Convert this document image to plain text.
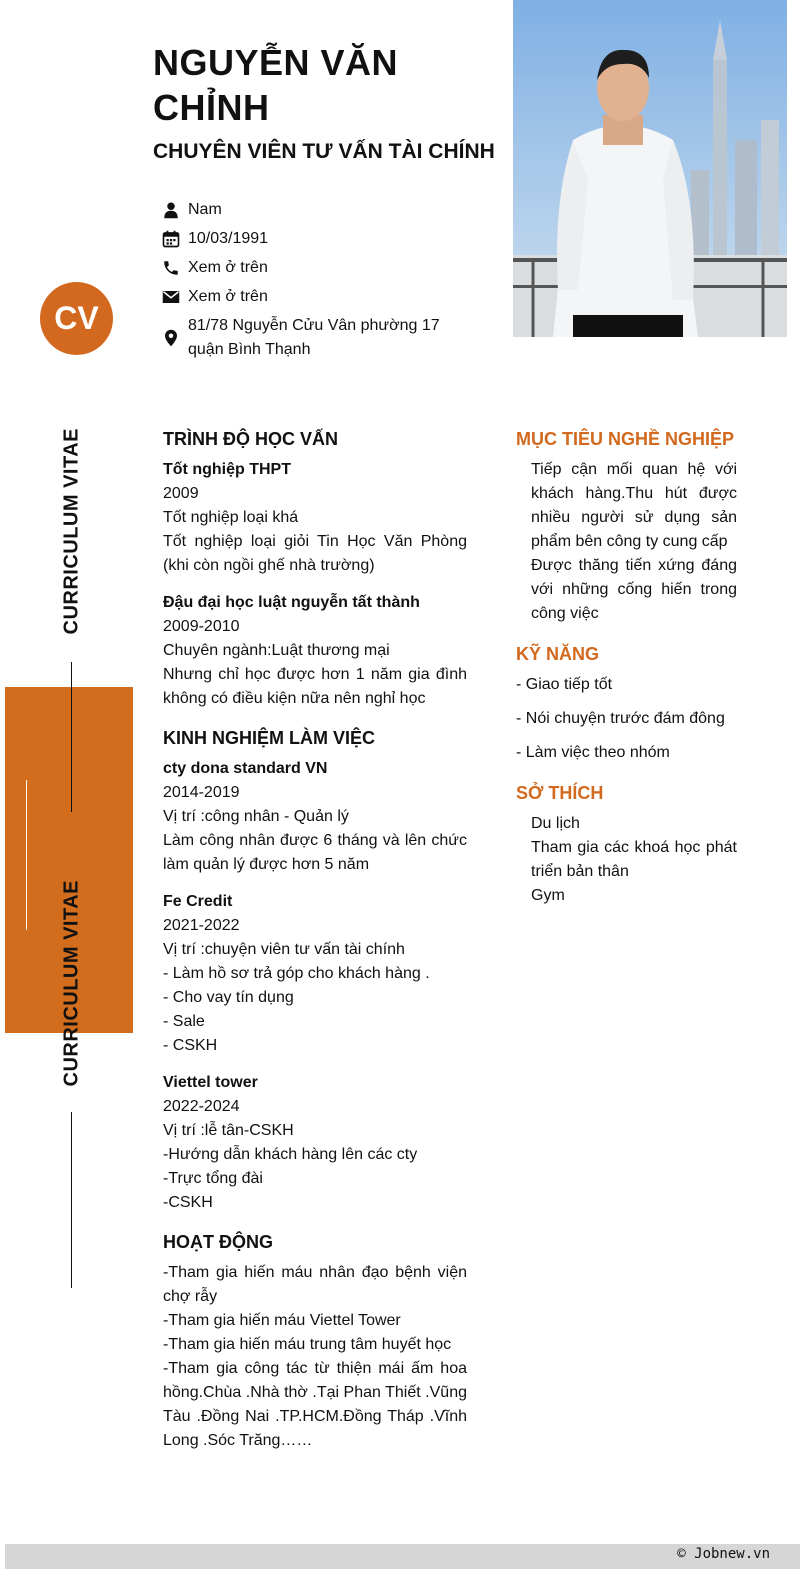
NGUYỄN VĂN CHỈNH
CHUYÊN VIÊN TƯ VẤN TÀI CHÍNH
Nam
10/03/1991
Xem ở trên
Xem ở trên
81/78 Nguyễn Cửu Vân phường 17 quận Bình Thạnh
CV
CURRICULUM VITAE
CURRICULUM VITAE
TRÌNH ĐỘ HỌC VẤN
Tốt nghiệp THPT
2009
Tốt nghiệp loại khá
Tốt nghiệp loại giỏi Tin Học Văn Phòng (khi còn ngồi ghế nhà trường)
Đậu đại học luật nguyễn tất thành
2009-2010
Chuyên ngành:Luật thương mại
Nhưng chỉ học được hơn 1 năm gia đình không có điều kiện nữa nên nghỉ học
KINH NGHIỆM LÀM VIỆC
cty dona standard VN
2014-2019
Vị trí :công nhân - Quản lý
Làm công nhân được 6 tháng và lên chức làm quản lý được hơn 5 năm
Fe Credit
2021-2022
Vị trí :chuyện viên tư vấn tài chính
- Làm hồ sơ trả góp cho khách hàng .
- Cho vay tín dụng
- Sale
- CSKH
Viettel tower
2022-2024
Vị trí :lễ tân-CSKH
-Hướng dẫn khách hàng lên các cty
-Trực tổng đài
-CSKH
HOẠT ĐỘNG
-Tham gia hiến máu nhân đạo bệnh viện chợ rẫy
-Tham gia hiến máu Viettel Tower
-Tham gia hiến máu trung tâm huyết học
-Tham gia công tác từ thiện mái ấm hoa hồng.Chùa .Nhà thờ .Tại Phan Thiết .Vũng Tàu .Đồng Nai .TP.HCM.Đồng Tháp .Vĩnh Long .Sóc Trăng……
MỤC TIÊU NGHỀ NGHIỆP
Tiếp cận mối quan hệ với khách hàng.Thu hút được nhiều người sử dụng sản phẩm bên công ty cung cấp
Được thăng tiến xứng đáng với những cống hiến trong công việc
KỸ NĂNG
- Giao tiếp tốt
- Nói chuyện trước đám đông
- Làm việc theo nhóm
SỞ THÍCH
Du lịch
Tham gia các khoá học phát triển bản thân
Gym
© Jobnew.vn
